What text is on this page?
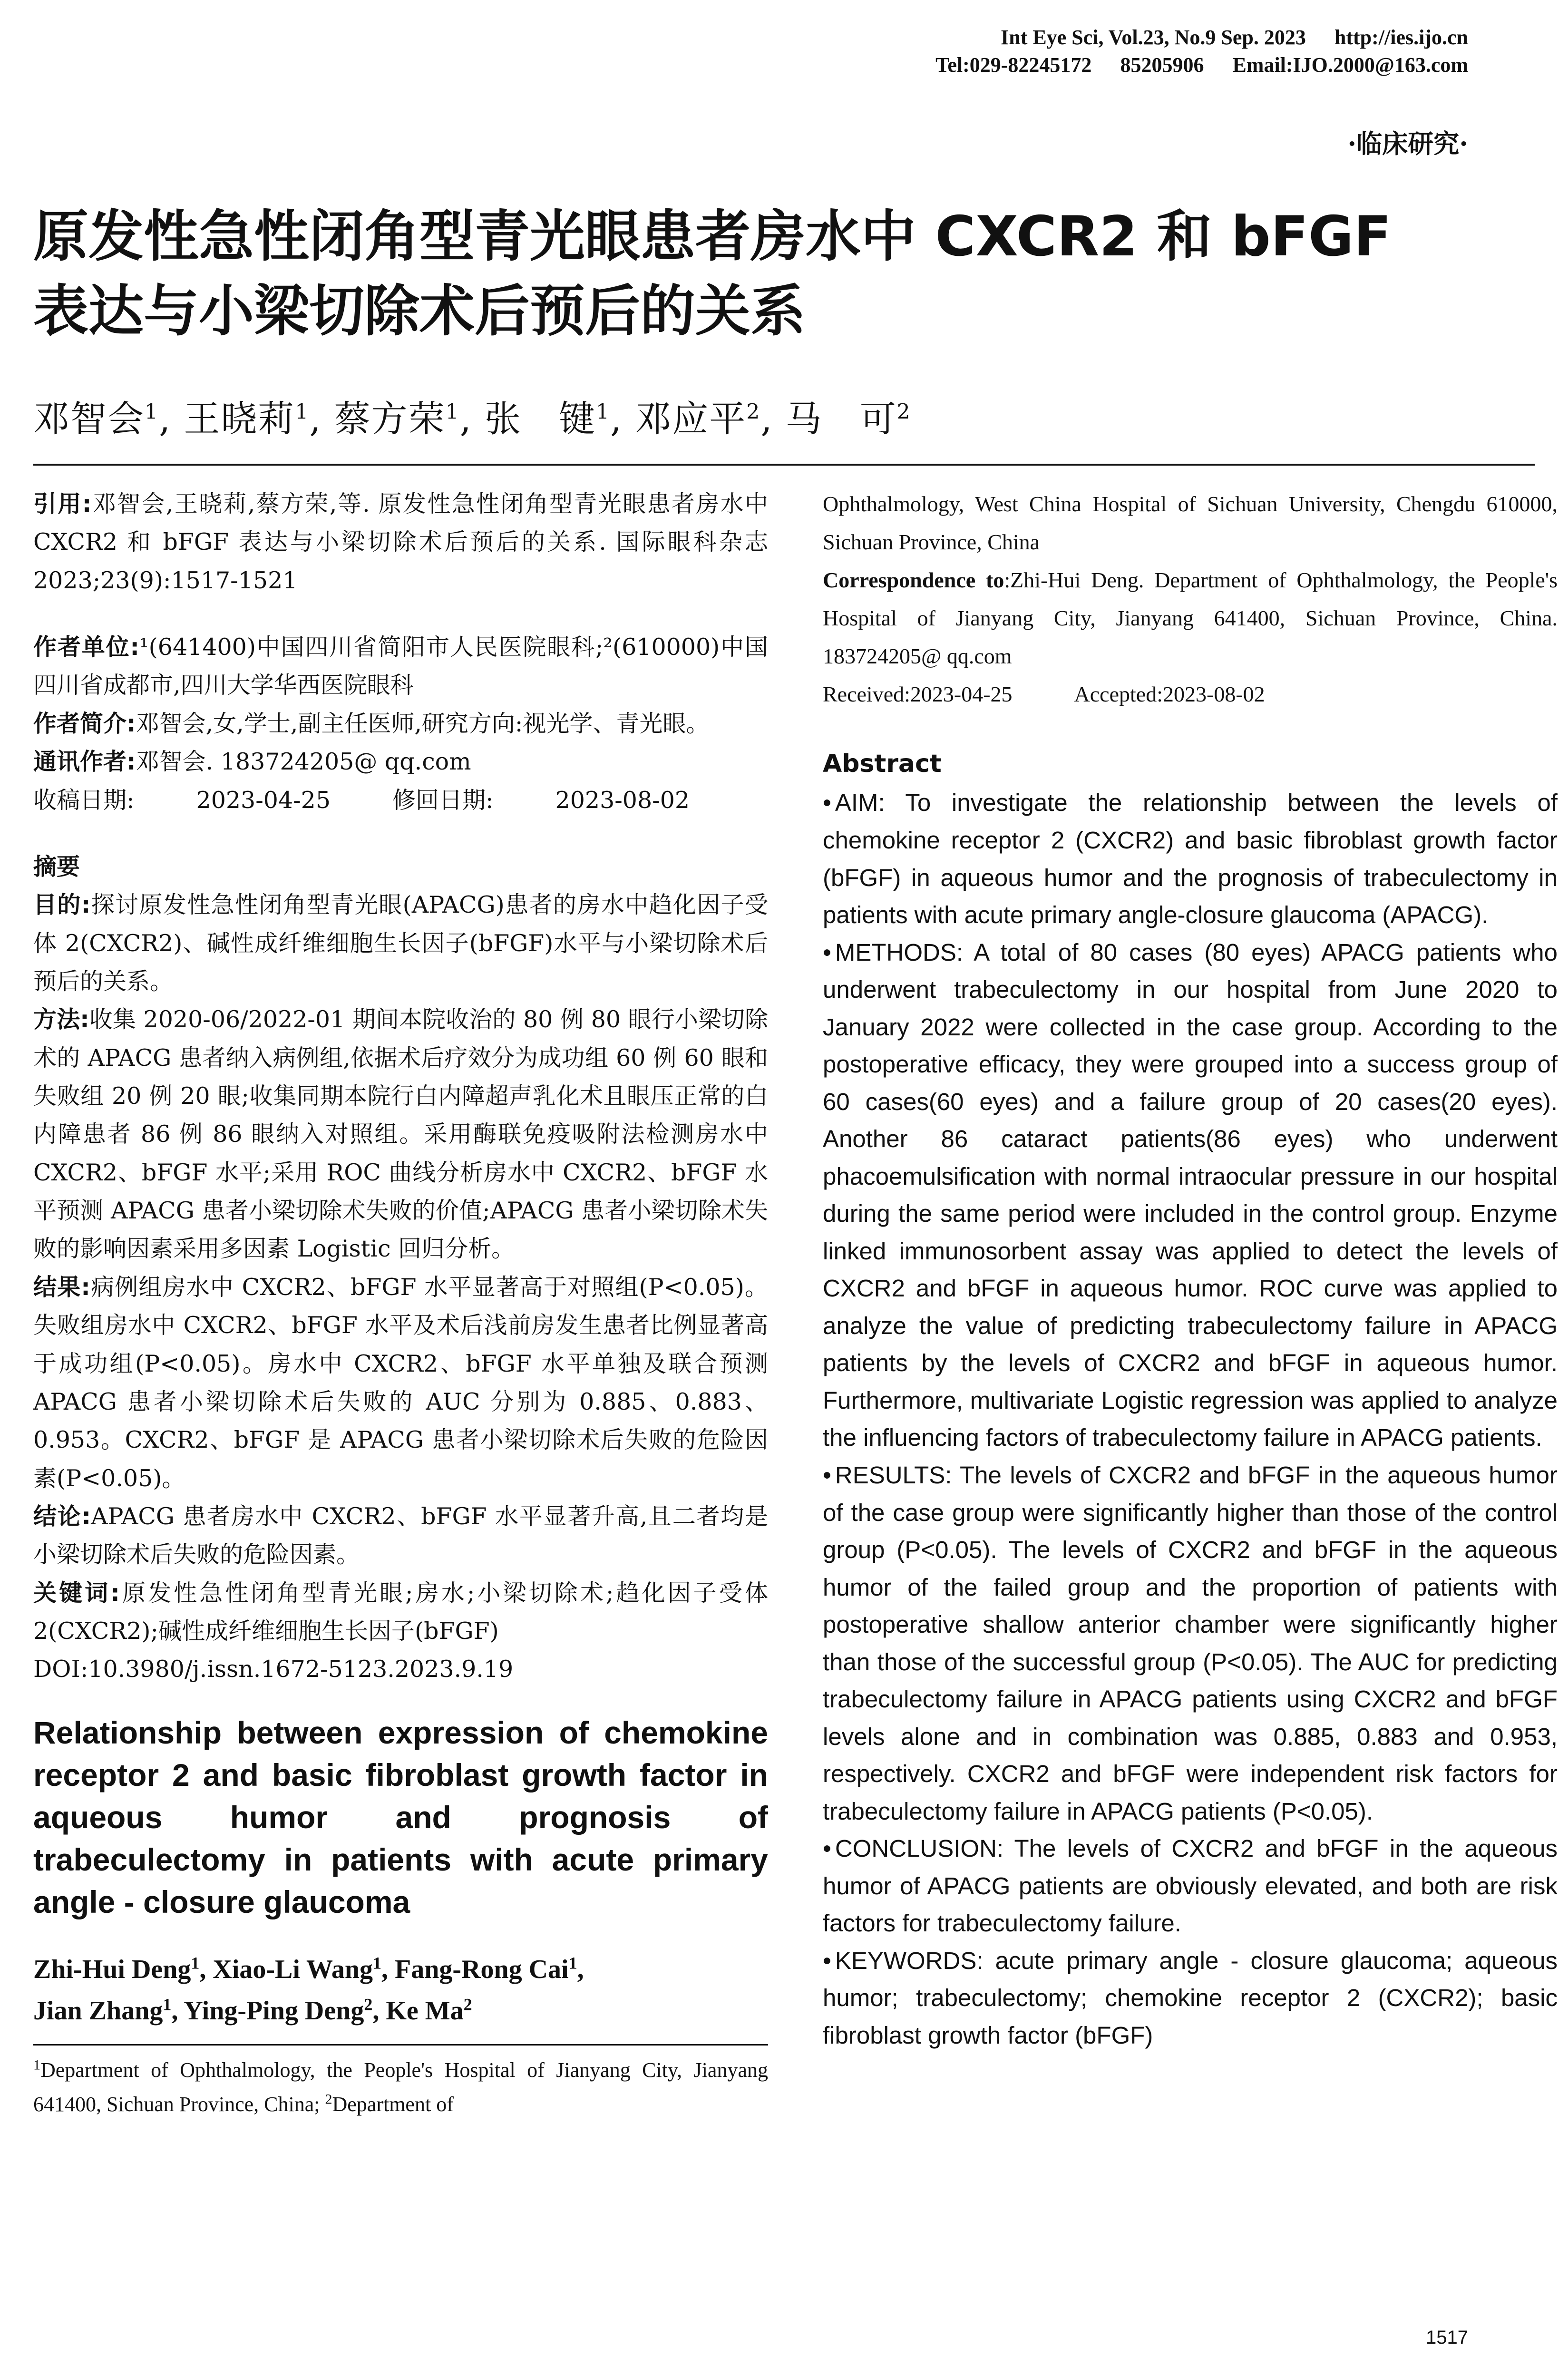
Int Eye Sci, Vol.23, No.9 Sep. 2023 http://ies.ijo.cn
Tel:029-82245172 85205906 Email:IJO.2000@163.com
·临床研究·
原发性急性闭角型青光眼患者房水中 CXCR2 和 bFGF
表达与小梁切除术后预后的关系
邓智会$^1$, 王晓莉$^1$, 蔡方荣$^1$, 张　键$^1$, 邓应平$^2$, 马　可$^2$

引用:邓智会,王晓莉,蔡方荣,等. 原发性急性闭角型青光眼患者房水中 CXCR2 和 bFGF 表达与小梁切除术后预后的关系. 国际眼科杂志 2023;23(9):1517-1521

作者单位:¹(641400)中国四川省简阳市人民医院眼科;²(610000)中国四川省成都市,四川大学华西医院眼科

作者简介:邓智会,女,学士,副主任医师,研究方向:视光学、青光眼。

通讯作者:邓智会. 183724205@ qq.com

收稿日期:	2023-04-25	修回日期:	2023-08-02

摘要

目的:探讨原发性急性闭角型青光眼(APACG)患者的房水中趋化因子受体 2(CXCR2)、碱性成纤维细胞生长因子(bFGF)水平与小梁切除术后预后的关系。

方法:收集 2020-06/2022-01 期间本院收治的 80 例 80 眼行小梁切除术的 APACG 患者纳入病例组,依据术后疗效分为成功组 60 例 60 眼和失败组 20 例 20 眼;收集同期本院行白内障超声乳化术且眼压正常的白内障患者 86 例 86 眼纳入对照组。采用酶联免疫吸附法检测房水中 CXCR2、bFGF 水平;采用 ROC 曲线分析房水中 CXCR2、bFGF 水平预测 APACG 患者小梁切除术失败的价值;APACG 患者小梁切除术失败的影响因素采用多因素 Logistic 回归分析。

结果:病例组房水中 CXCR2、bFGF 水平显著高于对照组(P<0.05)。失败组房水中 CXCR2、bFGF 水平及术后浅前房发生患者比例显著高于成功组(P<0.05)。房水中 CXCR2、bFGF 水平单独及联合预测 APACG 患者小梁切除术后失败的 AUC 分别为 0.885、0.883、0.953。CXCR2、bFGF 是 APACG 患者小梁切除术后失败的危险因素(P<0.05)。

结论:APACG 患者房水中 CXCR2、bFGF 水平显著升高,且二者均是小梁切除术后失败的危险因素。

关键词:原发性急性闭角型青光眼;房水;小梁切除术;趋化因子受体 2(CXCR2);碱性成纤维细胞生长因子(bFGF)

DOI:10.3980/j.issn.1672-5123.2023.9.19

Relationship between expression of chemokine receptor 2 and basic fibroblast growth factor in aqueous humor and prognosis of trabeculectomy in patients with acute primary angle - closure glaucoma
Zhi-Hui Deng$^1$, Xiao-Li Wang$^1$, Fang-Rong Cai$^1$,
Jian Zhang$^1$, Ying-Ping Deng$^2$, Ke Ma$^2$
$^1$Department of Ophthalmology, the People's Hospital of Jianyang City, Jianyang 641400, Sichuan Province, China; $^2$Department of

Ophthalmology, West China Hospital of Sichuan University, Chengdu 610000, Sichuan Province, China

Correspondence to:Zhi-Hui Deng. Department of Ophthalmology, the People's Hospital of Jianyang City, Jianyang 641400, Sichuan Province, China. 183724205@ qq.com

Received:2023-04-25	Accepted:2023-08-02

Abstract

• AIM: To investigate the relationship between the levels of chemokine receptor 2 (CXCR2) and basic fibroblast growth factor (bFGF) in aqueous humor and the prognosis of trabeculectomy in patients with acute primary angle-closure glaucoma (APACG).

• METHODS: A total of 80 cases (80 eyes) APACG patients who underwent trabeculectomy in our hospital from June 2020 to January 2022 were collected in the case group. According to the postoperative efficacy, they were grouped into a success group of 60 cases(60 eyes) and a failure group of 20 cases(20 eyes). Another 86 cataract patients(86 eyes) who underwent phacoemulsification with normal intraocular pressure in our hospital during the same period were included in the control group. Enzyme linked immunosorbent assay was applied to detect the levels of CXCR2 and bFGF in aqueous humor. ROC curve was applied to analyze the value of predicting trabeculectomy failure in APACG patients by the levels of CXCR2 and bFGF in aqueous humor. Furthermore, multivariate Logistic regression was applied to analyze the influencing factors of trabeculectomy failure in APACG patients.

• RESULTS: The levels of CXCR2 and bFGF in the aqueous humor of the case group were significantly higher than those of the control group (P<0.05). The levels of CXCR2 and bFGF in the aqueous humor of the failed group and the proportion of patients with postoperative shallow anterior chamber were significantly higher than those of the successful group (P<0.05). The AUC for predicting trabeculectomy failure in APACG patients using CXCR2 and bFGF levels alone and in combination was 0.885, 0.883 and 0.953, respectively. CXCR2 and bFGF were independent risk factors for trabeculectomy failure in APACG patients (P<0.05).

• CONCLUSION: The levels of CXCR2 and bFGF in the aqueous humor of APACG patients are obviously elevated, and both are risk factors for trabeculectomy failure.

• KEYWORDS: acute primary angle - closure glaucoma; aqueous humor; trabeculectomy; chemokine receptor 2 (CXCR2); basic fibroblast growth factor (bFGF)

1517
